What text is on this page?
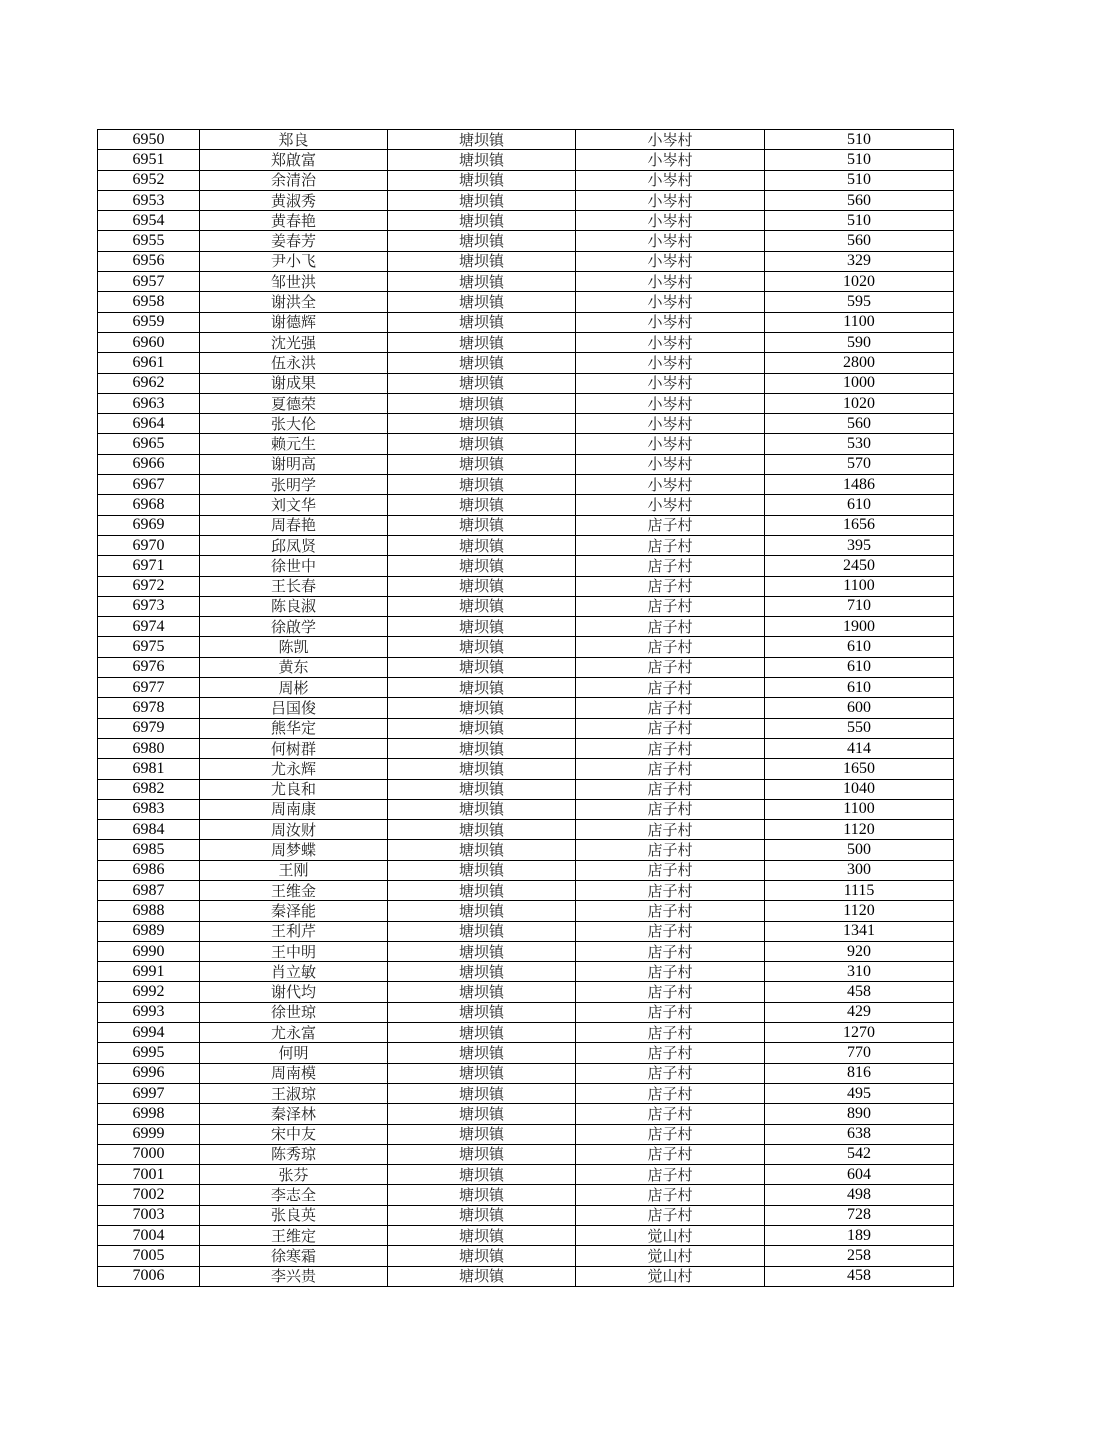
6950	郑良	塘坝镇	小岑村	510
6951	郑啟富	塘坝镇	小岑村	510
6952	余清治	塘坝镇	小岑村	510
6953	黄淑秀	塘坝镇	小岑村	560
6954	黄春艳	塘坝镇	小岑村	510
6955	姜春芳	塘坝镇	小岑村	560
6956	尹小飞	塘坝镇	小岑村	329
6957	邹世洪	塘坝镇	小岑村	1020
6958	谢洪全	塘坝镇	小岑村	595
6959	谢德辉	塘坝镇	小岑村	1100
6960	沈光强	塘坝镇	小岑村	590
6961	伍永洪	塘坝镇	小岑村	2800
6962	谢成果	塘坝镇	小岑村	1000
6963	夏德荣	塘坝镇	小岑村	1020
6964	张大伦	塘坝镇	小岑村	560
6965	赖元生	塘坝镇	小岑村	530
6966	谢明高	塘坝镇	小岑村	570
6967	张明学	塘坝镇	小岑村	1486
6968	刘文华	塘坝镇	小岑村	610
6969	周春艳	塘坝镇	店子村	1656
6970	邱凤贤	塘坝镇	店子村	395
6971	徐世中	塘坝镇	店子村	2450
6972	王长春	塘坝镇	店子村	1100
6973	陈良淑	塘坝镇	店子村	710
6974	徐啟学	塘坝镇	店子村	1900
6975	陈凯	塘坝镇	店子村	610
6976	黄东	塘坝镇	店子村	610
6977	周彬	塘坝镇	店子村	610
6978	吕国俊	塘坝镇	店子村	600
6979	熊华定	塘坝镇	店子村	550
6980	何树群	塘坝镇	店子村	414
6981	尤永辉	塘坝镇	店子村	1650
6982	尤良和	塘坝镇	店子村	1040
6983	周南康	塘坝镇	店子村	1100
6984	周汝财	塘坝镇	店子村	1120
6985	周梦蝶	塘坝镇	店子村	500
6986	王刚	塘坝镇	店子村	300
6987	王维金	塘坝镇	店子村	1115
6988	秦泽能	塘坝镇	店子村	1120
6989	王利芹	塘坝镇	店子村	1341
6990	王中明	塘坝镇	店子村	920
6991	肖立敏	塘坝镇	店子村	310
6992	谢代均	塘坝镇	店子村	458
6993	徐世琼	塘坝镇	店子村	429
6994	尤永富	塘坝镇	店子村	1270
6995	何明	塘坝镇	店子村	770
6996	周南模	塘坝镇	店子村	816
6997	王淑琼	塘坝镇	店子村	495
6998	秦泽林	塘坝镇	店子村	890
6999	宋中友	塘坝镇	店子村	638
7000	陈秀琼	塘坝镇	店子村	542
7001	张芬	塘坝镇	店子村	604
7002	李志全	塘坝镇	店子村	498
7003	张良英	塘坝镇	店子村	728
7004	王维定	塘坝镇	觉山村	189
7005	徐寒霜	塘坝镇	觉山村	258
7006	李兴贵	塘坝镇	觉山村	458
